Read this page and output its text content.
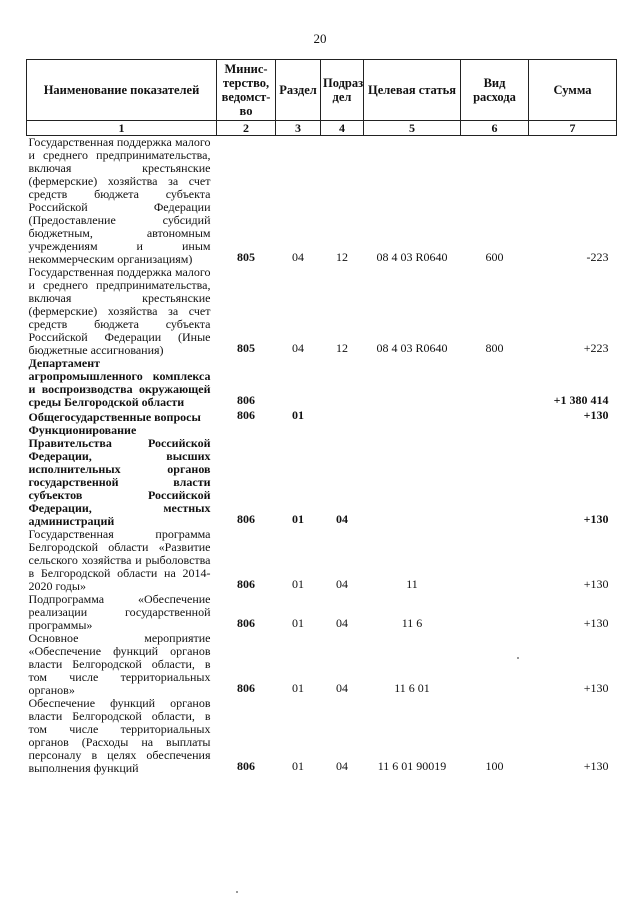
20
Наименование показателей	Минис-терство, ведомст-во	Раздел	Подраз дел	Целевая статья	Вид расхода	Сумма
1	2	3	4	5	6	7
Государственная поддержка малого и среднего предпринимательства, включая крестьянские (фермерские) хозяйства за счет средств бюджета субъекта Российской Федерации (Предоставление субсидий бюджетным, автономным учреждениям и иным некоммерческим организациям)	805	04	12	08 4 03 R0640	600	-223
Государственная поддержка малого и среднего предпринимательства, включая крестьянские (фермерские) хозяйства за счет средств бюджета субъекта Российской Федерации (Иные бюджетные ассигнования)	805	04	12	08 4 03 R0640	800	+223
Департамент агропромышленного комплекса и воспроизводства окружающей среды Белгородской области	806					+1 380 414
Общегосударственные вопросы	806	01				+130
Функционирование Правительства Российской Федерации, высших исполнительных органов государственной власти субъектов Российской Федерации, местных администраций	806	01	04			+130
Государственная программа Белгородской области «Развитие сельского хозяйства и рыболовства в Белгородской области на 2014-2020 годы»	806	01	04	11		+130
Подпрограмма «Обеспечение реализации государственной программы»	806	01	04	11 6		+130
Основное мероприятие «Обеспечение функций органов власти Белгородской области, в том числе территориальных органов»	806	01	04	11 6 01		+130
Обеспечение функций органов власти Белгородской области, в том числе территориальных органов (Расходы на выплаты персоналу в целях обеспечения выполнения функций	806	01	04	11 6 01 90019	100	+130
